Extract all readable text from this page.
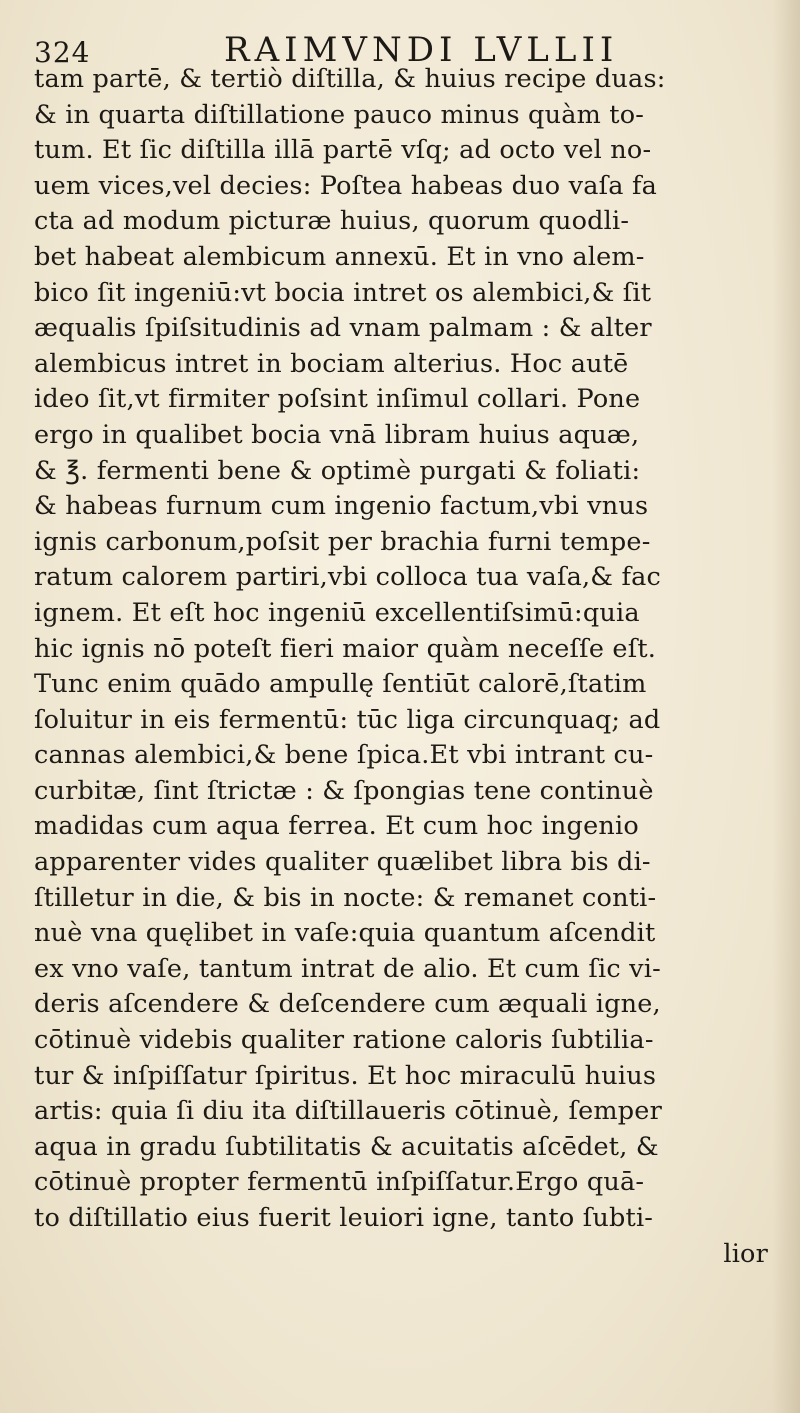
324	RAIMVNDI LVLLII
tam partē, & tertiò diſtilla, & huius recipe duas:
& in quarta diſtillatione pauco minus quàm to-
tum. Et ſic diſtilla illā partē vſq; ad octo vel no-
uem vices,vel decies: Poſtea habeas duo vaſa fa
cta ad modum picturæ huius, quorum quodli-
bet habeat alembicum annexū. Et in vno alem-
bico ſit ingeniū:vt bocia intret os alembici,& ſit
æqualis ſpiſsitudinis ad vnam palmam : & alter
alembicus intret in bociam alterius. Hoc autē
ideo ſit,vt firmiter poſsint inſimul collari. Pone
ergo in qualibet bocia vnā libram huius aquæ,
& ℥. fermenti bene & optimè purgati & foliati:
& habeas furnum cum ingenio factum,vbi vnus
ignis carbonum,poſsit per brachia furni tempe-
ratum calorem partiri,vbi colloca tua vaſa,& fac
ignem. Et eſt hoc ingeniū excellentiſsimū:quia
hic ignis nō poteſt fieri maior quàm neceſſe eſt.
Tunc enim quādo ampullę ſentiūt calorē,ſtatim
ſoluitur in eis fermentū: tūc liga circunquaq; ad
cannas alembici,& bene ſpica.Et vbi intrant cu-
curbitæ, ſint ſtrictæ : & ſpongias tene continuè
madidas cum aqua ferrea. Et cum hoc ingenio
apparenter vides qualiter quælibet libra bis di-
ſtilletur in die, & bis in nocte: & remanet conti-
nuè vna quęlibet in vaſe:quia quantum aſcendit
ex vno vaſe, tantum intrat de alio. Et cum ſic vi-
deris aſcendere & deſcendere cum æquali igne,
cōtinuè videbis qualiter ratione caloris ſubtilia-
tur & inſpiſſatur ſpiritus. Et hoc miraculū huius
artis: quia ſi diu ita diſtillaueris cōtinuè, ſemper
aqua in gradu ſubtilitatis & acuitatis aſcēdet, &
cōtinuè propter fermentū inſpiſſatur.Ergo quā-
to diſtillatio eius fuerit leuiori igne, tanto ſubti-
lior
